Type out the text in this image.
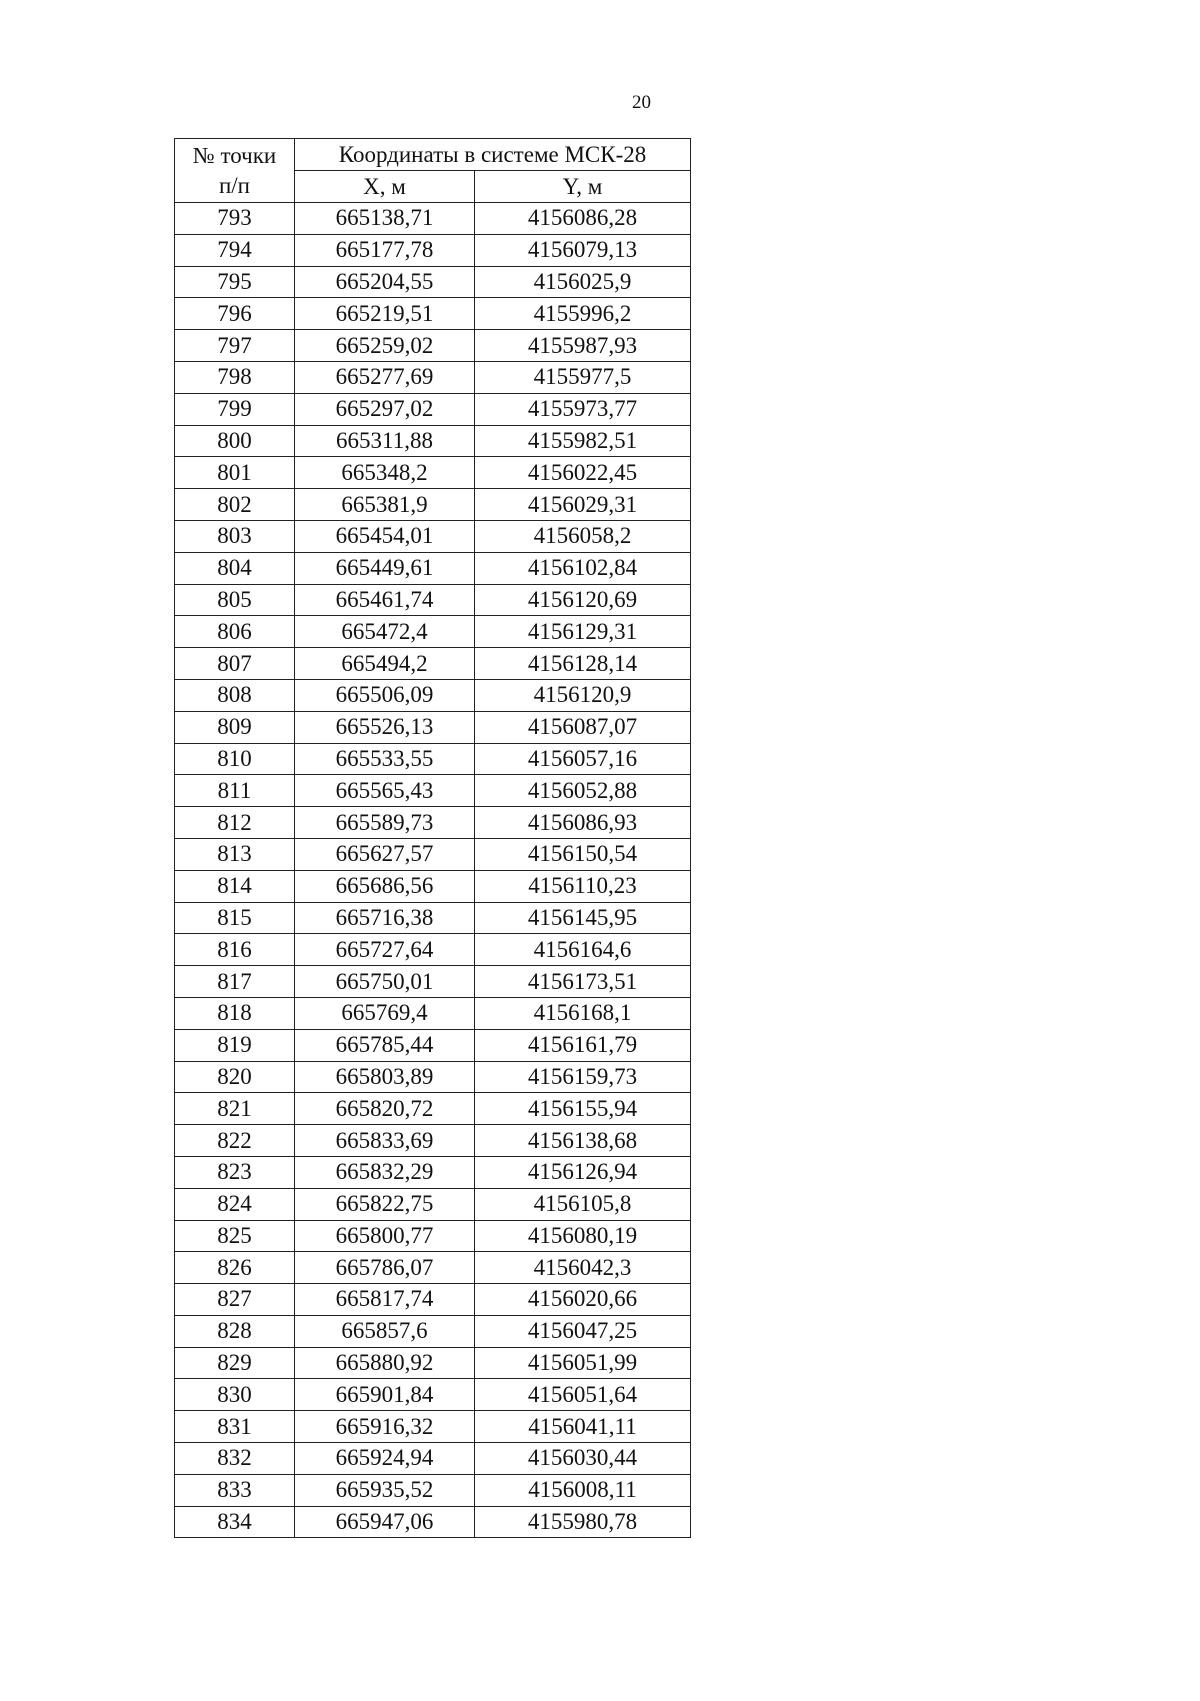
20
№ точки
п/п	Координаты в системе МСК-28	
	X, м	Y, м
793	665138,71	4156086,28
794	665177,78	4156079,13
795	665204,55	4156025,9
796	665219,51	4155996,2
797	665259,02	4155987,93
798	665277,69	4155977,5
799	665297,02	4155973,77
800	665311,88	4155982,51
801	665348,2	4156022,45
802	665381,9	4156029,31
803	665454,01	4156058,2
804	665449,61	4156102,84
805	665461,74	4156120,69
806	665472,4	4156129,31
807	665494,2	4156128,14
808	665506,09	4156120,9
809	665526,13	4156087,07
810	665533,55	4156057,16
811	665565,43	4156052,88
812	665589,73	4156086,93
813	665627,57	4156150,54
814	665686,56	4156110,23
815	665716,38	4156145,95
816	665727,64	4156164,6
817	665750,01	4156173,51
818	665769,4	4156168,1
819	665785,44	4156161,79
820	665803,89	4156159,73
821	665820,72	4156155,94
822	665833,69	4156138,68
823	665832,29	4156126,94
824	665822,75	4156105,8
825	665800,77	4156080,19
826	665786,07	4156042,3
827	665817,74	4156020,66
828	665857,6	4156047,25
829	665880,92	4156051,99
830	665901,84	4156051,64
831	665916,32	4156041,11
832	665924,94	4156030,44
833	665935,52	4156008,11
834	665947,06	4155980,78
